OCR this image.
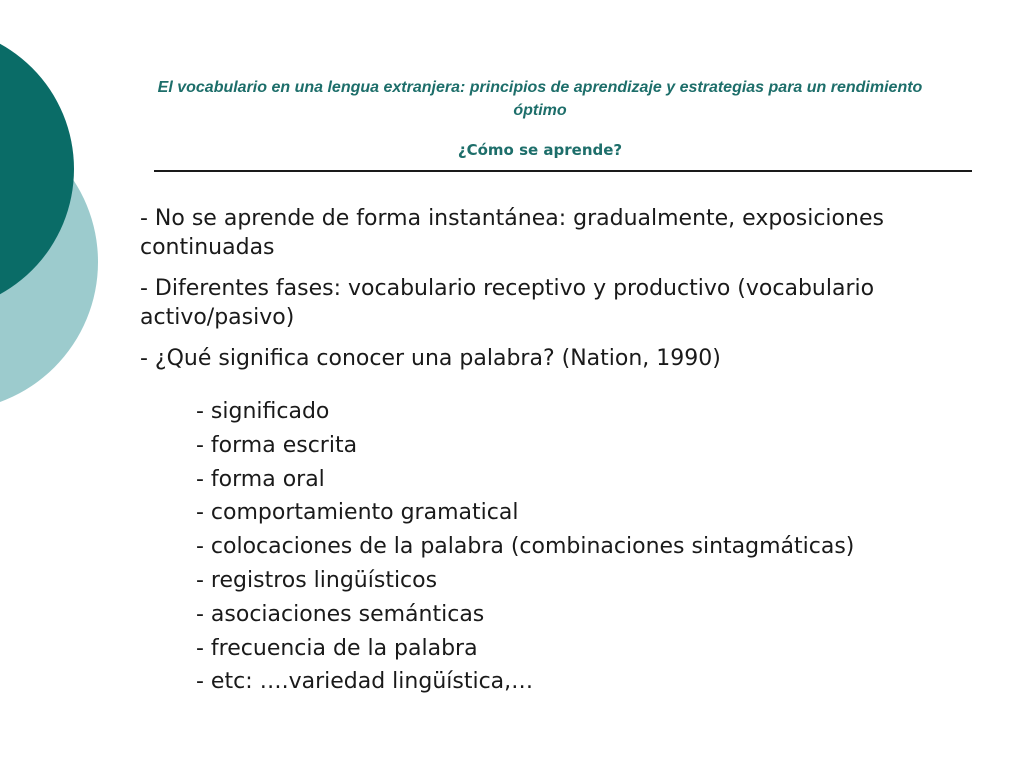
El vocabulario en una lengua extranjera: principios de aprendizaje y estrategias para un rendimiento óptimo
¿Cómo se aprende?

- No se aprende de forma instantánea: gradualmente, exposiciones continuadas

- Diferentes fases: vocabulario receptivo y productivo (vocabulario activo/pasivo)

- ¿Qué significa conocer una palabra? (Nation, 1990)

- significado
- forma escrita
- forma oral
- comportamiento gramatical
- colocaciones de la palabra (combinaciones sintagmáticas)
- registros lingüísticos
- asociaciones semánticas
- frecuencia de la palabra
- etc: ….variedad lingüística,…
